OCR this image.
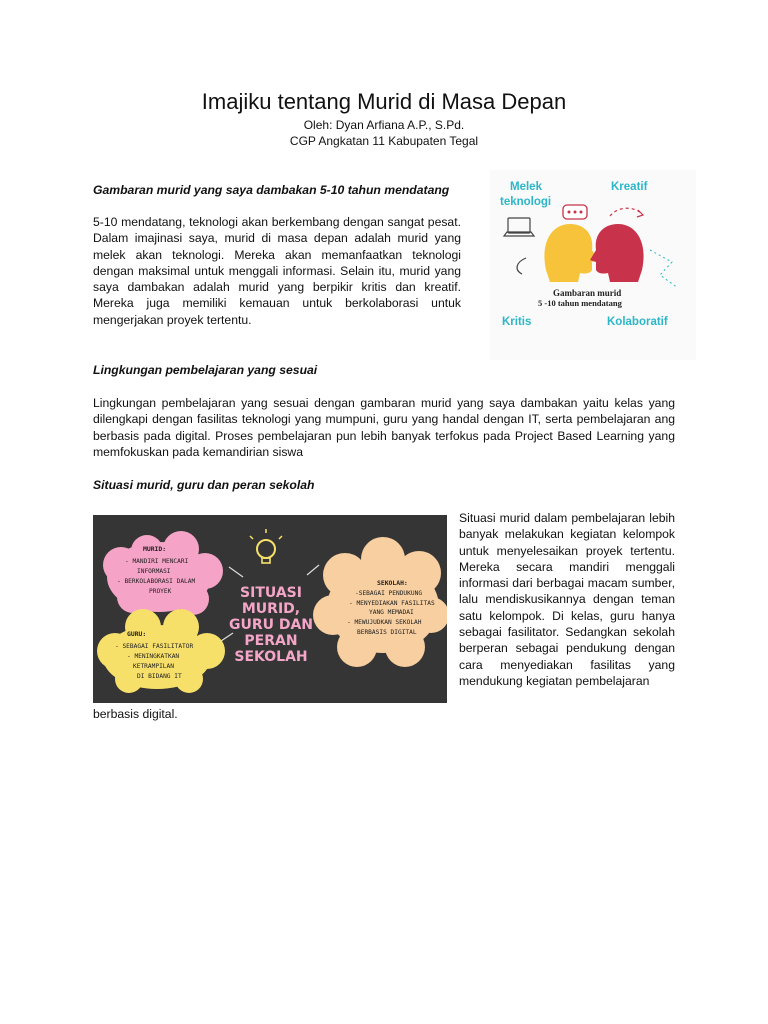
Imajiku tentang Murid di Masa Depan
Oleh: Dyan Arfiana A.P., S.Pd.
CGP Angkatan 11 Kabupaten Tegal
Gambaran murid yang saya dambakan 5-10 tahun mendatang

5-10 mendatang, teknologi akan berkembang dengan sangat pesat. Dalam imajinasi saya, murid di masa depan adalah murid yang melek akan teknologi. Mereka akan memanfaatkan teknologi dengan maksimal untuk menggali informasi. Selain itu, murid yang saya dambakan adalah murid yang berpikir kritis dan kreatif. Mereka juga memiliki kemauan untuk berkolaborasi untuk mengerjakan proyek tertentu.

Melek
teknologi
Kreatif
Kritis	Kolaboratif
Gambaran murid
5 -10 tahun mendatang
Lingkungan pembelajaran yang sesuai

Lingkungan pembelajaran yang sesuai dengan gambaran murid yang saya dambakan yaitu kelas yang dilengkapi dengan fasilitas teknologi yang mumpuni, guru yang handal dengan IT, serta pembelajaran ang berbasis pada digital. Proses pembelajaran pun lebih banyak terfokus pada Project Based Learning yang memfokuskan pada kemandirian siswa

Situasi murid, guru dan peran sekolah
MURID:
- MANDIRI MENCARI
INFORMASI
- BERKOLABORASI DALAM
PROYEK
GURU:
- SEBAGAI FASILITATOR
- MENINGKATKAN
KETRAMPILAN
DI BIDANG IT
SEKOLAH:
-SEBAGAI PENDUKUNG
- MENYEDIAKAN FASILITAS
YANG MEMADAI
- MEWUJUDKAN SEKOLAH
BERBASIS DIGITAL
SITUASI
MURID,
GURU DAN
PERAN
SEKOLAH

Situasi murid dalam pembelajaran lebih banyak melakukan kegiatan kelompok untuk menyelesaikan proyek tertentu. Mereka secara mandiri menggali informasi dari berbagai macam sumber, lalu mendiskusikannya dengan teman satu kelompok. Di kelas, guru hanya sebagai fasilitator. Sedangkan sekolah berperan sebagai pendukung dengan cara menyediakan fasilitas yang mendukung kegiatan pembelajaran

berbasis digital.
